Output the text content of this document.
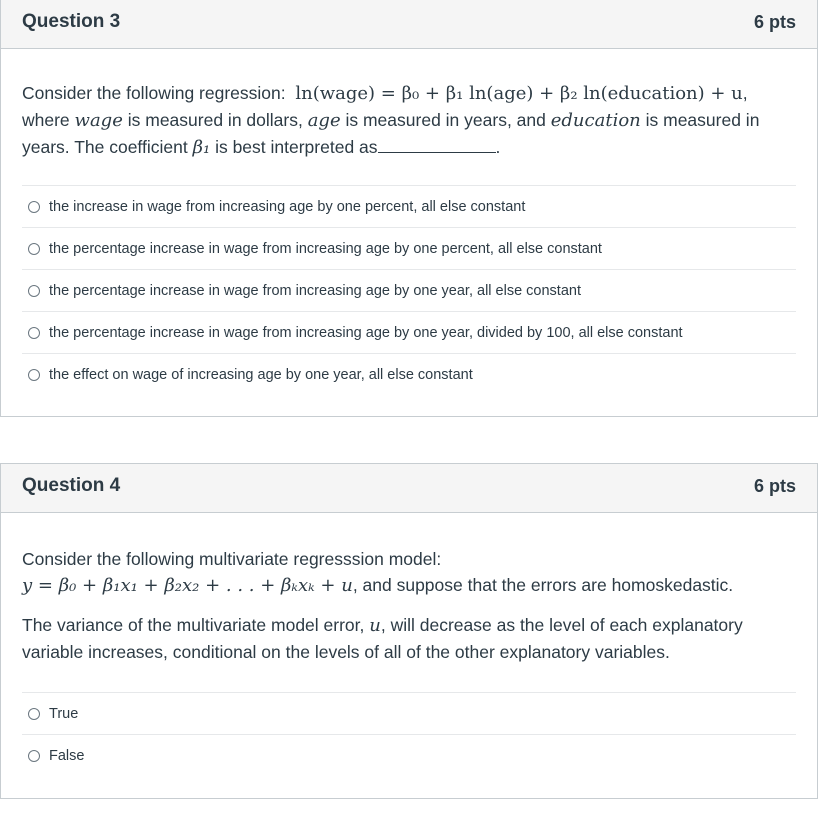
Question 3	6 pts
Consider the following regression: ln(wage) = β₀ + β₁ ln(age) + β₂ ln(education) + u,
where wage is measured in dollars, age is measured in years, and education is measured in
years. The coefficient β₁ is best interpreted as	.
the increase in wage from increasing age by one percent, all else constant
the percentage increase in wage from increasing age by one percent, all else constant
the percentage increase in wage from increasing age by one year, all else constant
the percentage increase in wage from increasing age by one year, divided by 100, all else constant
the effect on wage of increasing age by one year, all else constant
Question 4	6 pts
Consider the following multivariate regresssion model:
y = β₀ + β₁x₁ + β₂x₂ + . . . + βₖxₖ + u, and suppose that the errors are homoskedastic.
The variance of the multivariate model error, u, will decrease as the level of each explanatory variable increases, conditional on the levels of all of the other explanatory variables.
True
False
